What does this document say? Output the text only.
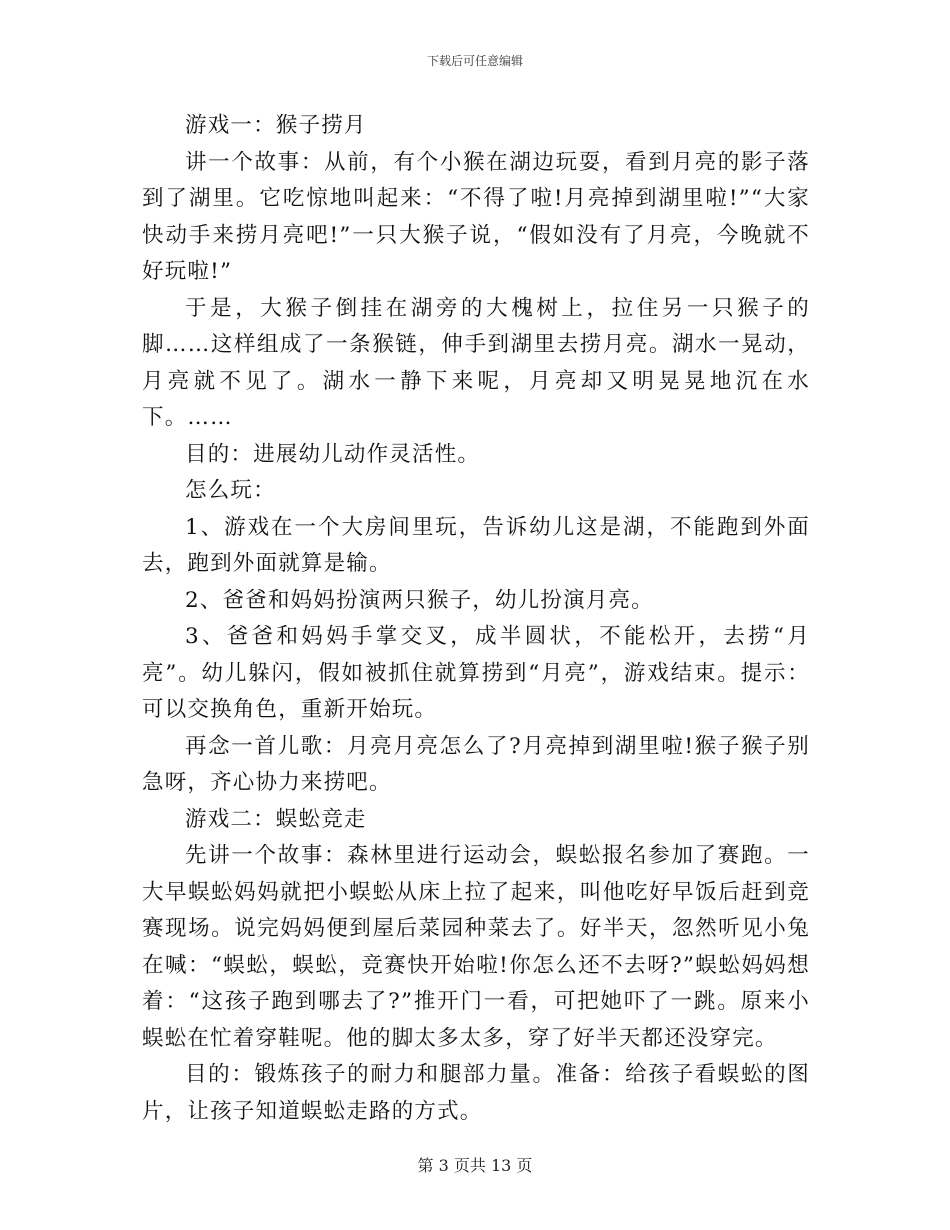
下载后可任意编辑

游戏一：猴子捞月

讲一个故事：从前，有个小猴在湖边玩耍，看到月亮的影子落到了湖里。它吃惊地叫起来：“不得了啦!月亮掉到湖里啦!”“大家快动手来捞月亮吧!”一只大猴子说，“假如没有了月亮，今晚就不好玩啦!”

于是，大猴子倒挂在湖旁的大槐树上，拉住另一只猴子的脚……这样组成了一条猴链，伸手到湖里去捞月亮。湖水一晃动，月亮就不见了。湖水一静下来呢，月亮却又明晃晃地沉在水下。……

目的：进展幼儿动作灵活性。

怎么玩：

1、游戏在一个大房间里玩，告诉幼儿这是湖，不能跑到外面去，跑到外面就算是输。

2、爸爸和妈妈扮演两只猴子，幼儿扮演月亮。

3、爸爸和妈妈手掌交叉，成半圆状，不能松开，去捞“月亮”。幼儿躲闪，假如被抓住就算捞到“月亮”，游戏结束。提示：可以交换角色，重新开始玩。

再念一首儿歌：月亮月亮怎么了?月亮掉到湖里啦!猴子猴子别急呀，齐心协力来捞吧。

游戏二：蜈蚣竞走

先讲一个故事：森林里进行运动会，蜈蚣报名参加了赛跑。一大早蜈蚣妈妈就把小蜈蚣从床上拉了起来，叫他吃好早饭后赶到竞赛现场。说完妈妈便到屋后菜园种菜去了。好半天，忽然听见小兔在喊：“蜈蚣，蜈蚣，竞赛快开始啦!你怎么还不去呀?”蜈蚣妈妈想着：“这孩子跑到哪去了?”推开门一看，可把她吓了一跳。原来小蜈蚣在忙着穿鞋呢。他的脚太多太多，穿了好半天都还没穿完。

目的：锻炼孩子的耐力和腿部力量。准备：给孩子看蜈蚣的图片，让孩子知道蜈蚣走路的方式。

第 3 页共 13 页
